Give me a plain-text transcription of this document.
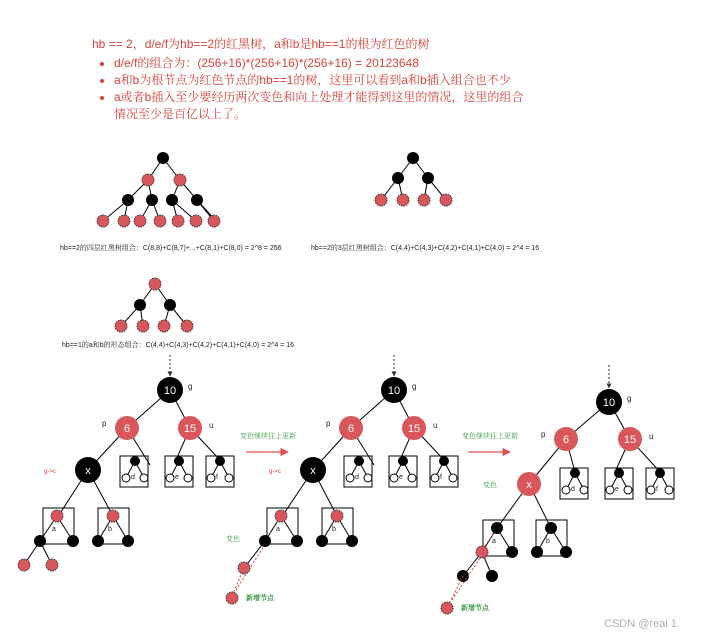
hb == 2，d/e/f为hb==2的红黑树，a和b是hb==1的根为红色的树
• d/e/f的组合为：(256+16)*(256+16)*(256+16) = 20123648
• a和b为根节点为红色节点的hb==1的树，这里可以看到a和b插入组合也不少
• a或者b插入至少要经历两次变色和向上处理才能得到这里的情况，这里的组合
情况至少是百亿以上了。
hb==2的四层红黑树组合：C(8,8)+C(8,7)+...+C(8,1)+C(8,0) = 2^8 = 256	hb==2的3层红黑树组合：C(4,4)+C(4,3)+C(4,2)+C(4,1)+C(4,0) = 2^4 = 16
hb==1的a和b的形态组合：C(4,4)+C(4,3)+C(4,2)+C(4,1)+C(4,0) = 2^4 = 16
10
6	15
x
g
p	u
a	b
d	e	f
g->c
变色继续往上更新
10
6	15
x
g
p	u
a	b
d	e	f
g->c
变色
新增节点
变色继续往上更新
10
6	15
x
g
p	u
a	b
d	e	f
变色
新增节点
CSDN @real 1
